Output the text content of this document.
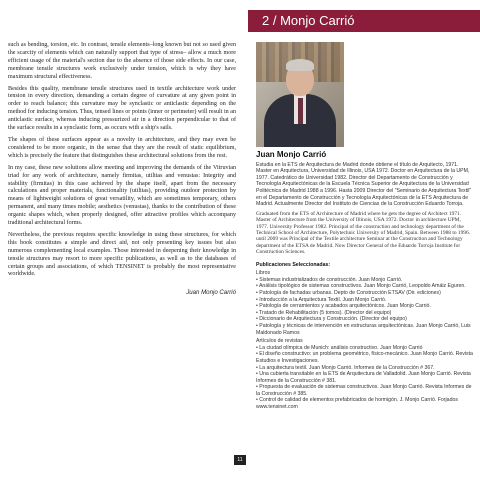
2 / Monjo Carrió

such as bending, torsion, etc. In contrast, tensile elements–long known but not so used given the scarcity of elements which can naturally support that type of stress– allow a much more efficient usage of the material's section due to the absence of those side effects. In our case, membrane tensile structures work exclusively under tension, which is why they have maximum structural effectiveness.

Besides this quality, membrane tensile structures used in textile architecture work under tension in every direction, demanding a certain degree of curvature at any given point in order to reach balance; this curvature may be synclastic or anticlastic depending on the method for inducing tension. Thus, tensed lines or points (inner or perimeter) will result in an anticlastic surface, whereas inducing pressurized air in a direction perpendicular to that of the surface results in a synclastic form, as occurs with a ship's sails.

The shapes of these surfaces appear as a novelty in architecture, and they may even be considered to be more organic, in the sense that they are the result of static equilibrium, which is precisely the feature that distinguishes these architectural solutions from the rest.

In my case, these new solutions allow meeting and improving the demands of the Vitruvian triad for any work of architecture, namely firmitas, utilitas and venustas: Integrity and stability (firmitas) in this case achieved by the shape itself, apart from the necessary calculations and proper materials, functionality (utilitas), providing outdoor protection by means of lightweight solutions of great versatility, which are sometimes temporary, others permanent, and many times mobile; aesthetics (venustas), thanks to the contribution of these organic shapes which, when properly designed, offer attractive profiles which accompany traditional architectural forms.

Nevertheless, the previous requires specific knowledge in using these structures, for which this book constitutes a simple and direct aid, not only presenting key issues but also numerous complementing local examples. Those interested in deepening their knowledge in tensile structures may resort to more specific publications, as well as to the databases of certain groups and associations, of which TENSINET is probably the most representative worldwide.

Juan Monjo Carrió

Juan Monjo Carrió

Estudia en la ETS de Arquitectura de Madrid donde obtiene el título de Arquitecto, 1971. Master en Arquitectura, Universidad de Illinois, USA 1972. Doctor en Arquitectura de la UPM, 1977. Catedrático de Universidad 1982. Director del Departamento de Construcción y Tecnología Arquitectónicas de la Escuela Técnica Superior de Arquitectura de la Universidad Politécnica de Madrid 1988 a 1996. Hasta 2009 Director del "Seminario de Arquitectura Textil" en el Departamento de Construcción y Tecnología Arquitectónicas de la ETS Arquitectura de Madrid. Actualmente Director del Instituto de Ciencias de la Construcción Eduardo Torroja.

Graduated from the ETS of Architecture of Madrid where he gets the degree of Architect 1971. Master of Architecture from the University of Illinois, USA 1972. Doctor in architecture UPM, 1977. University Professor 1982. Principal of the construction and technology department of the Technical School of Architecture, Polytechnic University of Madrid, Spain. Between 1988 to 1996. until 2009 was Principal of the Textile architecture Seminar at the Construction and Technology department of the ETSA de Madrid. Now Director General of the Eduardo Torroja Institute for Construction Sciences.

Publicaciones Seleccionadas:
Libros
• Sistemas industrializados de construcción. Juan Monjo Carrió.
• Análisis tipológico de sistemas constructivos. Juan Monjo Carrió, Leopoldo Amáiz Eguren.
• Patología de fachadas urbanas. Depto de Construcción ETSAV (Dir. ediciones)
• Introducción a la Arquitectura Textil. Juan Monjo Carrió.
• Patología de cerramientos y acabados arquitectónicos. Juan Monjo Carrió.
• Tratado de Rehabilitación (5 tomos). (Director del equipo)
• Diccionario de Arquitectura y Construcción. (Director del equipo)
• Patología y técnicas de intervención en estructuras arquitectónicas. Juan Monjo Carrió, Luis Maldonado Ramos
Artículos de revistas
• La ciudad olímpica de Munich: análisis constructivo. Juan Monjo Carrió
• El diseño constructivo: un problema geométrico, físico-mecánico. Juan Monjo Carrió. Revista Estudios e Investigaciones.
• La arquitectura textil. Juan Monjo Carrió. Informes de la Construcción # 367.
• Una cubierta transitable en la ETS de Arquitectura de Valladolid. Juan Monjo Carrió. Revista Informes de la Construcción # 381.
• Propuesta de evaluación de sistemas constructivos. Juan Monjo Carrió. Revista Informes de la Construcción # 385.
• Control de calidad de elementos prefabricados de hormigón. J. Monjo Carrió. Forjados
www.tensinet.com
11
